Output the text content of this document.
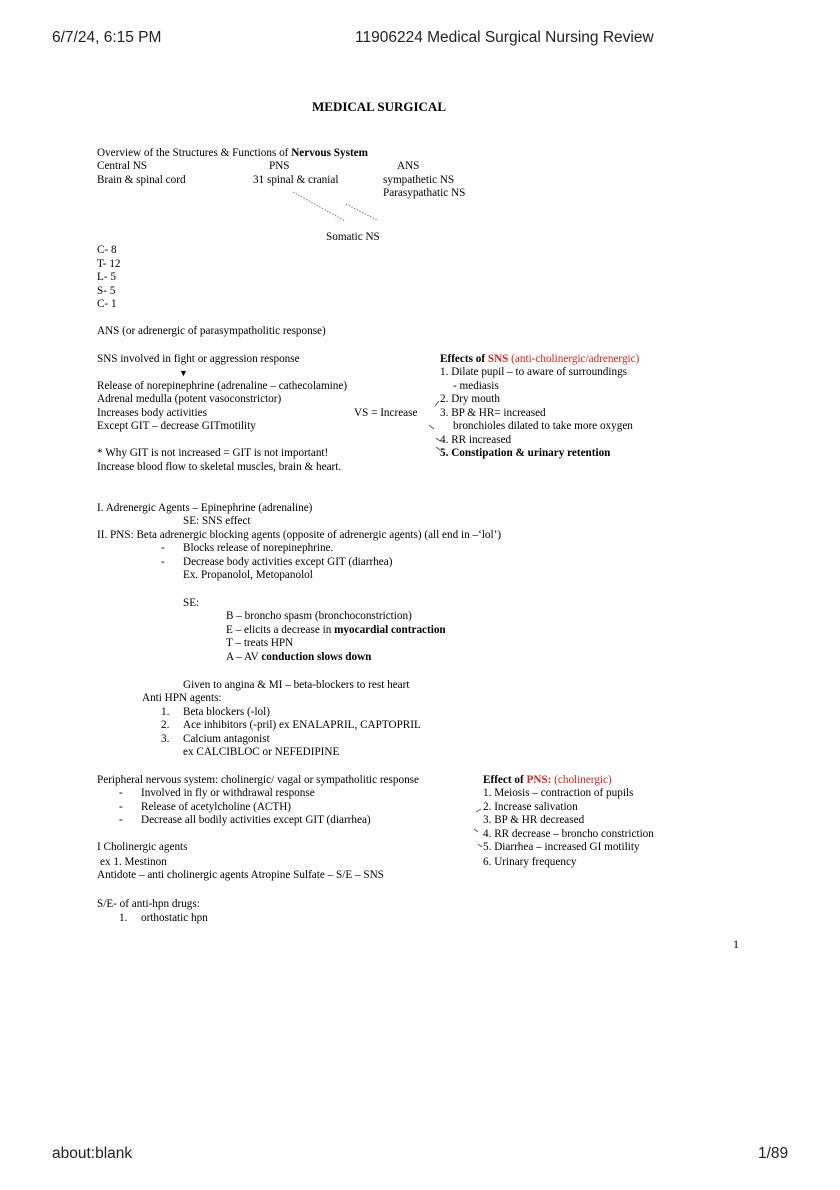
6/7/24, 6:15 PM	11906224 Medical Surgical Nursing Review
about:blank	1/89
MEDICAL SURGICAL
Overview of the Structures & Functions of Nervous System
Central NS	PNS	ANS
Brain & spinal cord	31 spinal & cranial	sympathetic NS
Parasypathatic NS
Somatic NS
C- 8
T- 12
L- 5
S- 5
C- 1
ANS (or adrenergic of parasympatholitic response)
SNS involved in fight or aggression response
▼
Release of norepinephrine (adrenaline – cathecolamine)
Adrenal medulla (potent vasoconstrictor)
Increases body activities	VS = Increase
Except GIT – decrease GITmotility
* Why GIT is not increased = GIT is not important!
Increase blood flow to skeletal muscles, brain & heart.
Effects of SNS (anti-cholinergic/adrenergic)
1. Dilate pupil – to aware of surroundings
- mediasis
2. Dry mouth
3. BP & HR= increased
bronchioles dilated to take more oxygen
4. RR increased
5. Constipation & urinary retention
I. Adrenergic Agents – Epinephrine (adrenaline)
SE: SNS effect
II. PNS: Beta adrenergic blocking agents (opposite of adrenergic agents) (all end in –‘lol’)
- Blocks release of norepinephrine.
- Decrease body activities except GIT (diarrhea)
Ex. Propanolol, Metopanolol
SE:
B – broncho spasm (bronchoconstriction)
E – elicits a decrease in myocardial contraction
T – treats HPN
A – AV conduction slows down
Given to angina & MI – beta-blockers to rest heart
Anti HPN agents:
1. Beta blockers (-lol)
2. Ace inhibitors (-pril) ex ENALAPRIL, CAPTOPRIL
3. Calcium antagonist
ex CALCIBLOC or NEFEDIPINE
Peripheral nervous system: cholinergic/ vagal or sympatholitic response
- Involved in fly or withdrawal response
- Release of acetylcholine (ACTH)
- Decrease all bodily activities except GIT (diarrhea)
I Cholinergic agents
ex 1. Mestinon
Antidote – anti cholinergic agents Atropine Sulfate – S/E – SNS
Effect of PNS: (cholinergic)
1. Meiosis – contraction of pupils
2. Increase salivation
3. BP & HR decreased
4. RR decrease – broncho constriction
5. Diarrhea – increased GI motility
6. Urinary frequency
S/E- of anti-hpn drugs:
1. orthostatic hpn
1
